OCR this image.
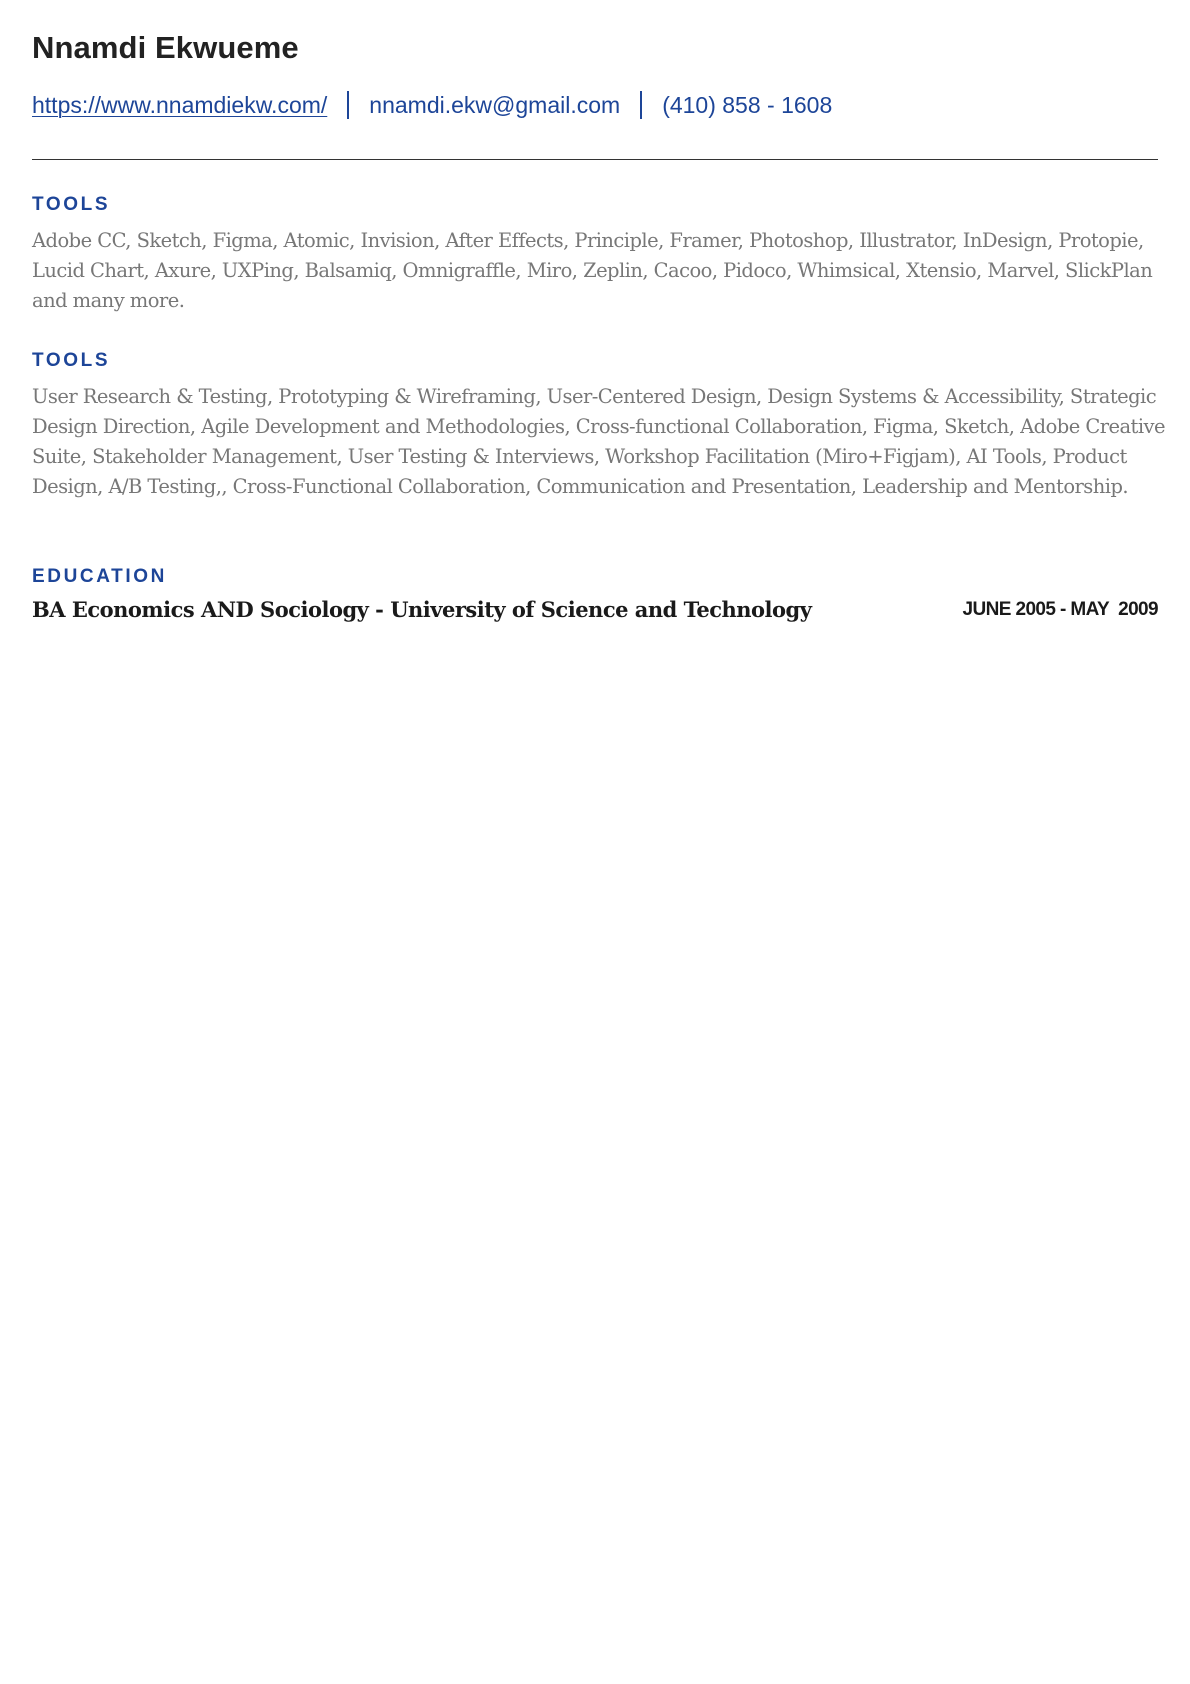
Nnamdi Ekwueme
https://www.nnamdiekw.com/ nnamdi.ekw@gmail.com (410) 858 - 1608
TOOLS

Adobe CC, Sketch, Figma, Atomic, Invision, After Effects, Principle, Framer, Photoshop, Illustrator, InDesign, Protopie, Lucid Chart, Axure, UXPing, Balsamiq, Omnigraffle, Miro, Zeplin, Cacoo, Pidoco, Whimsical, Xtensio, Marvel, SlickPlan and many more.

TOOLS

User Research & Testing, Prototyping & Wireframing, User-Centered Design, Design Systems & Accessibility, Strategic Design Direction, Agile Development and Methodologies, Cross-functional Collaboration, Figma, Sketch, Adobe Creative Suite, Stakeholder Management, User Testing & Interviews, Workshop Facilitation (Miro+Figjam), AI Tools, Product Design, A/B Testing,, Cross-Functional Collaboration, Communication and Presentation, Leadership and Mentorship.

EDUCATION

BA Economics AND Sociology - University of Science and Technology	JUNE 2005 - MAY  2009
